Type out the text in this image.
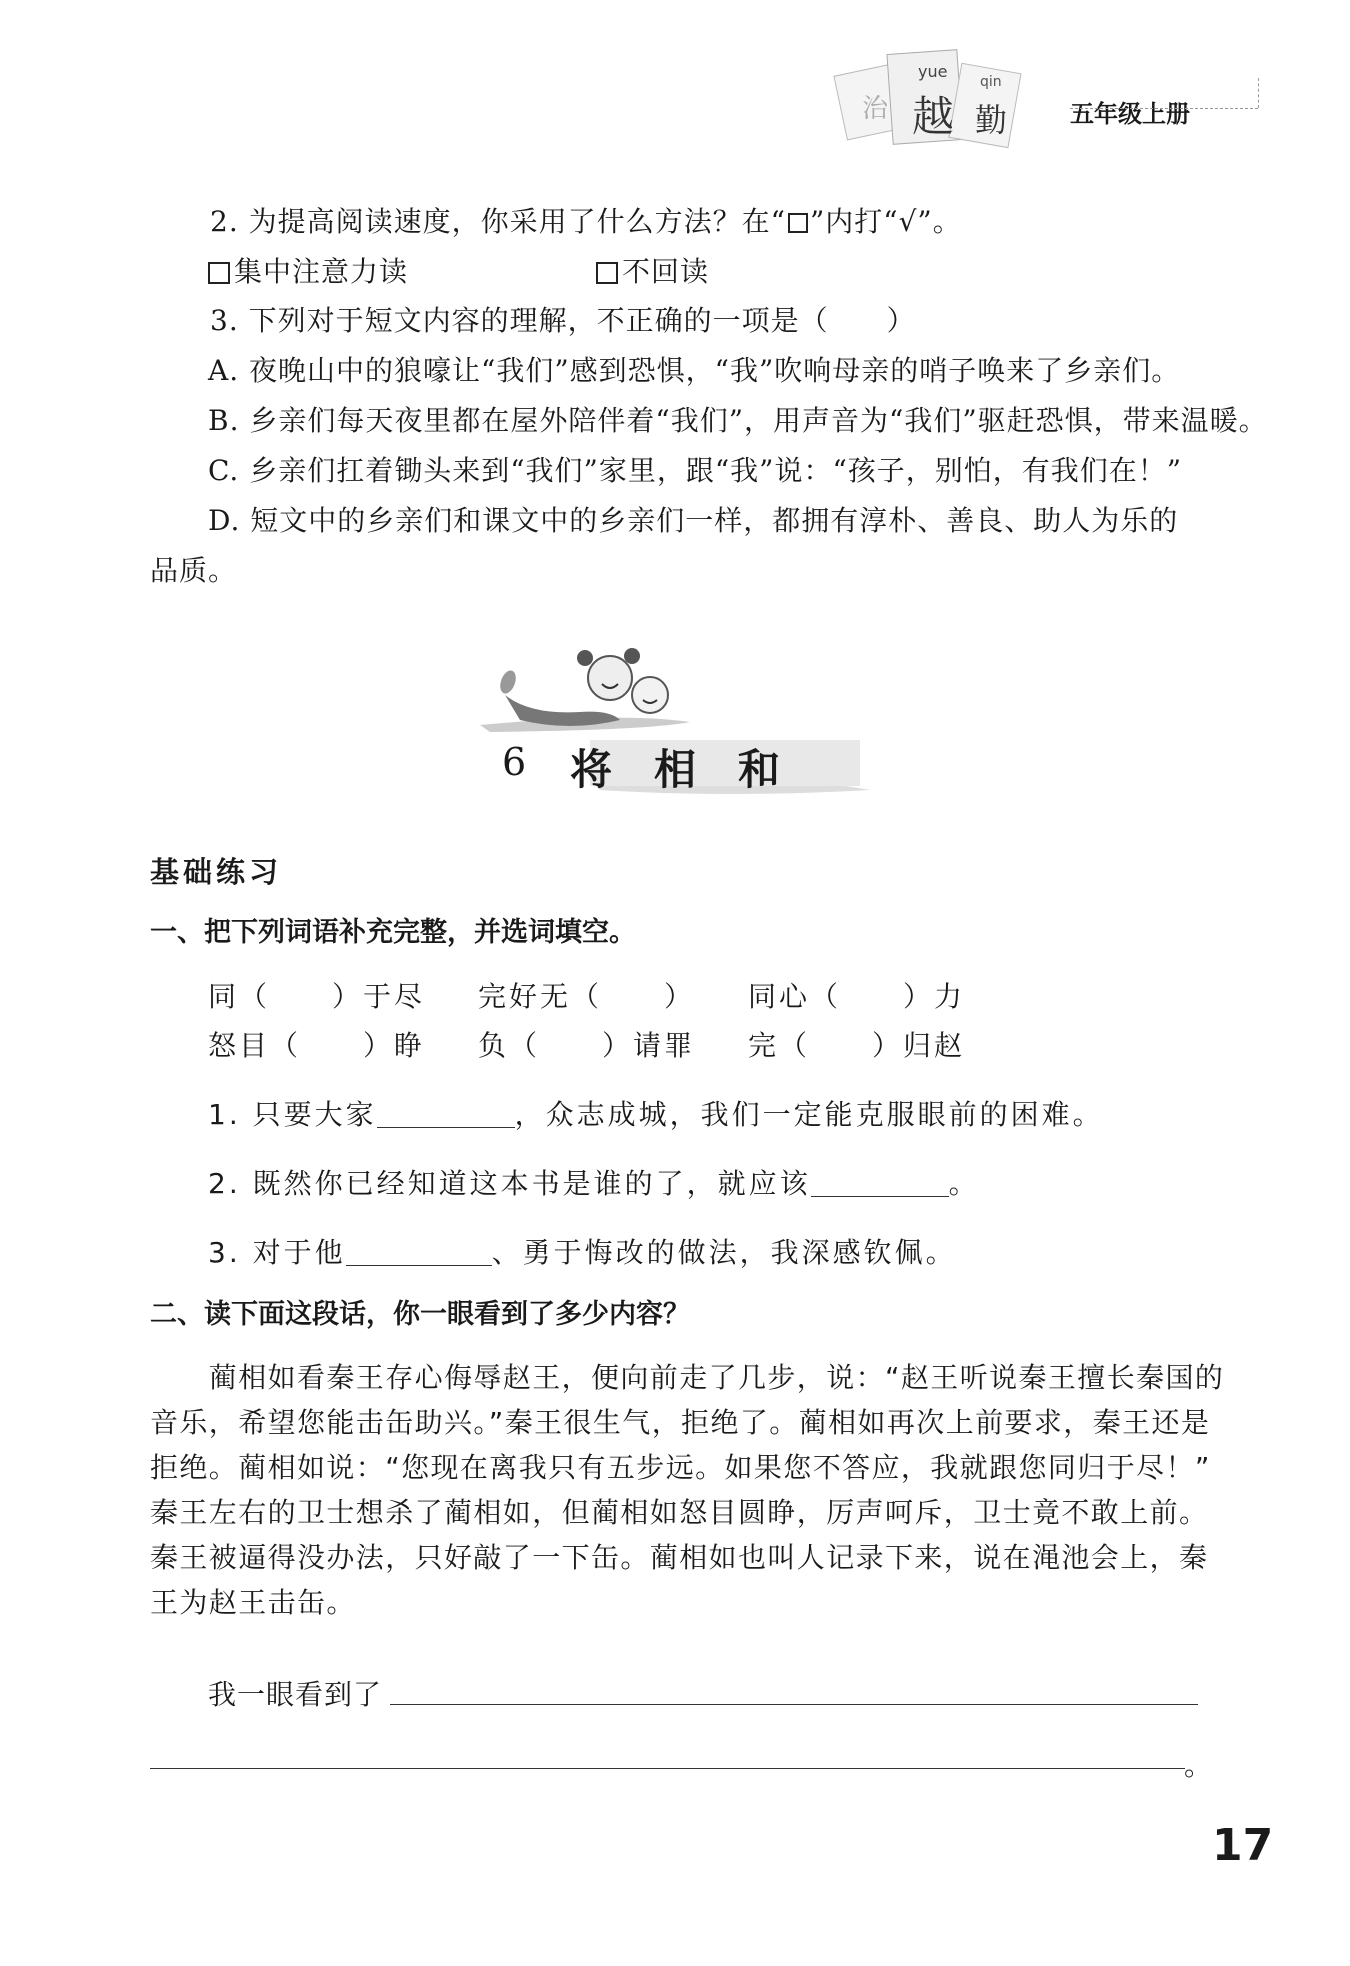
治
yue
越
qin
勤	五年级上册
2. 为提高阅读速度，你采用了什么方法？在“ ”内打“√”。
集中注意力读	不回读
3. 下列对于短文内容的理解，不正确的一项是（　　）
A. 夜晚山中的狼嚎让“我们”感到恐惧，“我”吹响母亲的哨子唤来了乡亲们。
B. 乡亲们每天夜里都在屋外陪伴着“我们”，用声音为“我们”驱赶恐惧，带来温暖。
C. 乡亲们扛着锄头来到“我们”家里，跟“我”说：“孩子，别怕，有我们在！”
D. 短文中的乡亲们和课文中的乡亲们一样，都拥有淳朴、善良、助人为乐的
品质。
6 将　相　和
基础练习
一、把下列词语补充完整，并选词填空。
同（　　）于尽 完好无（　　） 同心（　　）力
怒目（　　）睁 负（　　）请罪 完（　　）归赵
1. 只要大家	，众志成城，我们一定能克服眼前的困难。
2. 既然你已经知道这本书是谁的了，就应该	。
3. 对于他	、勇于悔改的做法，我深感钦佩。
二、读下面这段话，你一眼看到了多少内容？
　　蔺相如看秦王存心侮辱赵王，便向前走了几步，说：“赵王听说秦王擅长秦国的
音乐，希望您能击缶助兴。”秦王很生气，拒绝了。蔺相如再次上前要求，秦王还是
拒绝。蔺相如说：“您现在离我只有五步远。如果您不答应，我就跟您同归于尽！”
秦王左右的卫士想杀了蔺相如，但蔺相如怒目圆睁，厉声呵斥，卫士竟不敢上前。
秦王被逼得没办法，只好敲了一下缶。蔺相如也叫人记录下来，说在渑池会上，秦
王为赵王击缶。
我一眼看到了
。
17
